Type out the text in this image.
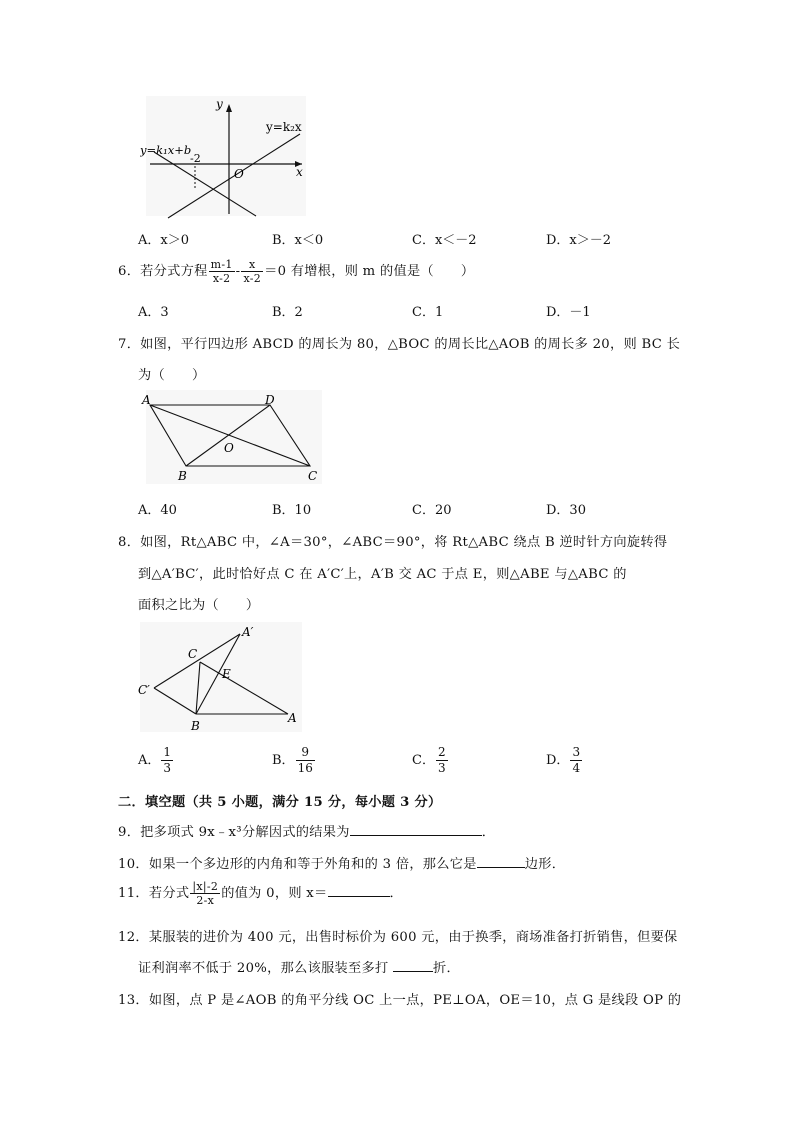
y
x
O
y=k₁x+b
y=k₂x
-2
A．x＞0	B．x＜0	C．x＜－2	D．x＞－2
6．若分式方程 $\frac{m-1}{x-2} - \frac{x}{x-2} =0$ 有增根，则 m 的值是（　　）
A．3	B．2	C．1	D．－1
7．如图，平行四边形 ABCD 的周长为 80，△BOC 的周长比△AOB 的周长多 20，则 BC 长
为（　　）
A	D
B	C
O
A．40	B．10	C．20	D．30
8．如图，Rt△ABC 中，∠A＝30°，∠ABC＝90°，将 Rt△ABC 绕点 B 逆时针方向旋转得
到△A′BC′，此时恰好点 C 在 A′C′上，A′B 交 AC 于点 E，则△ABE 与△ABC 的
面积之比为（　　）
C
E
A′
C′
B
A
A． $\frac{1}{3}$	B． $\frac{9}{16}$	C． $\frac{2}{3}$	D． $\frac{3}{4}$
二．填空题（共 5 小题，满分 15 分，每小题 3 分）
9．把多项式 9x﹣x³分解因式的结果为	．
10．如果一个多边形的内角和等于外角和的 3 倍，那么它是	边形．
11．若分式 $\frac{|x|-2}{2-x}$ 的值为 0，则 x＝	．
12．某服装的进价为 400 元，出售时标价为 600 元，由于换季，商场准备打折销售，但要保
证利润率不低于 20%，那么该服装至多打	折．
13．如图，点 P 是∠AOB 的角平分线 OC 上一点，PE⊥OA，OE＝10，点 G 是线段 OP 的
